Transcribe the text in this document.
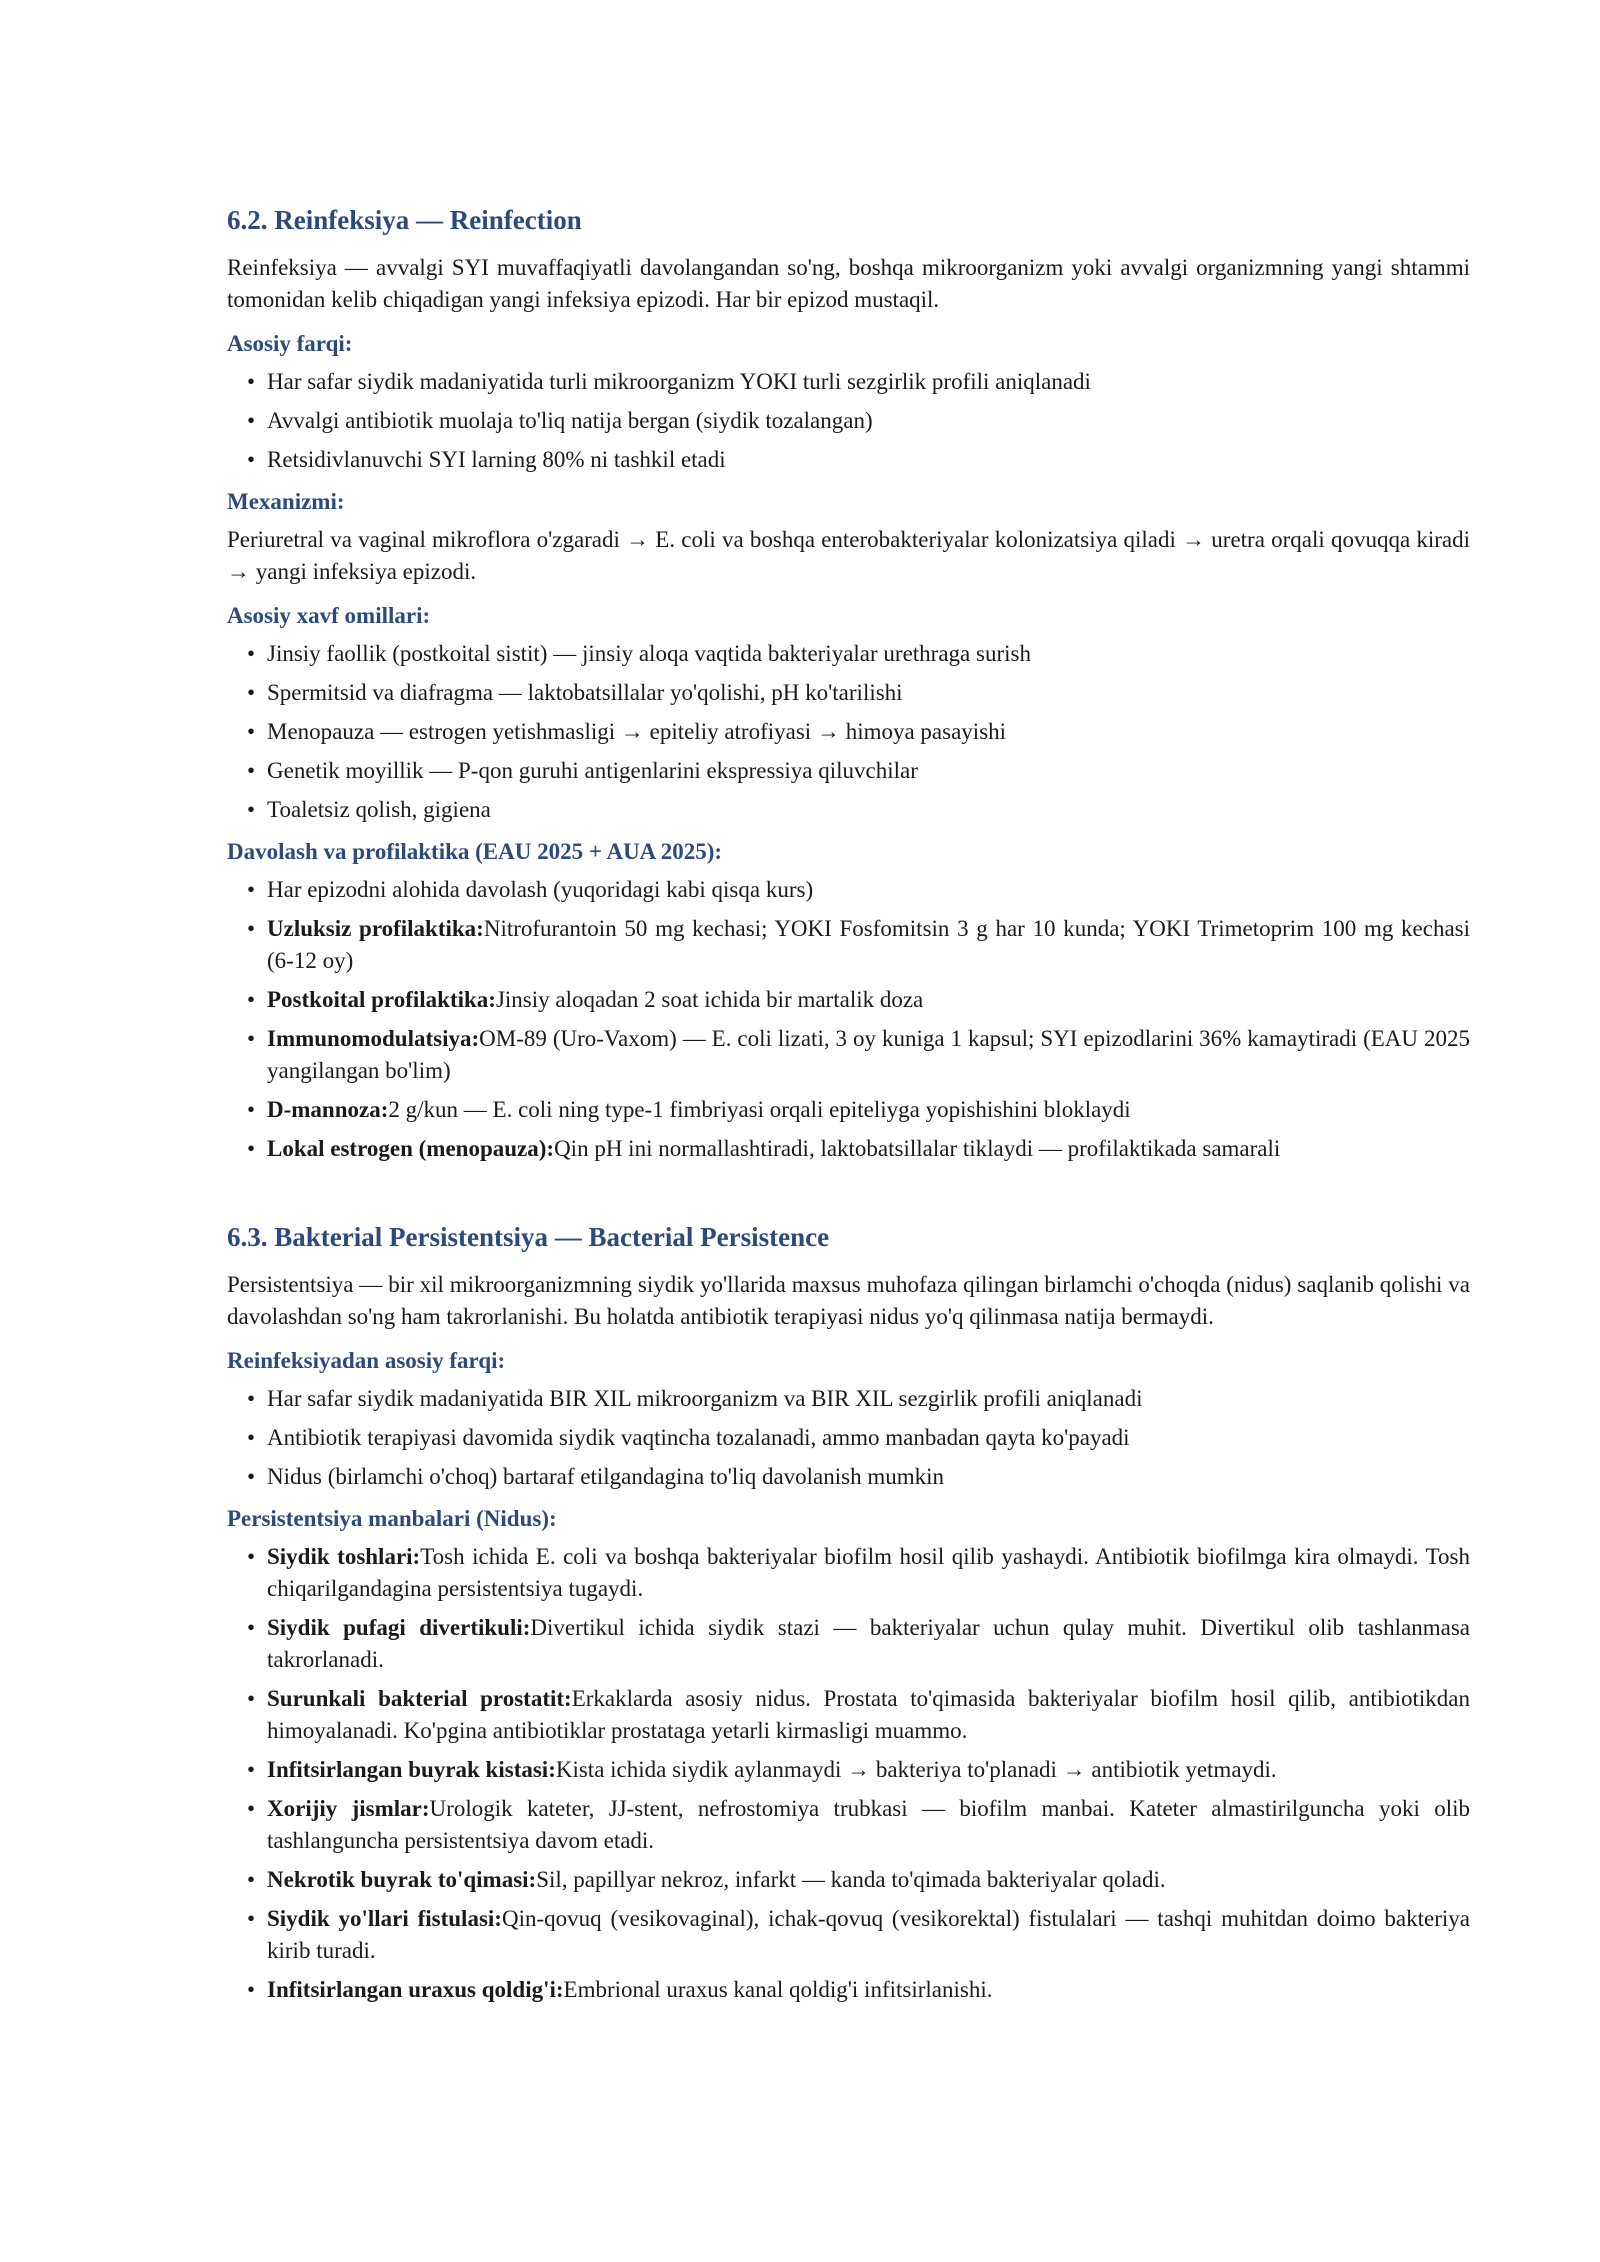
6.2. Reinfeksiya — Reinfection

Reinfeksiya — avvalgi SYI muvaffaqiyatli davolangandan so'ng, boshqa mikroorganizm yoki avvalgi organizmning yangi shtammi tomonidan kelib chiqadigan yangi infeksiya epizodi. Har bir epizod mustaqil.

Asosiy farqi:
• Har safar siydik madaniyatida turli mikroorganizm YOKI turli sezgirlik profili aniqlanadi
• Avvalgi antibiotik muolaja to'liq natija bergan (siydik tozalangan)
• Retsidivlanuvchi SYI larning 80% ni tashkil etadi
Mexanizmi:

Periuretral va vaginal mikroflora o'zgaradi → E. coli va boshqa enterobakteriyalar kolonizatsiya qiladi → uretra orqali qovuqqa kiradi → yangi infeksiya epizodi.

Asosiy xavf omillari:
• Jinsiy faollik (postkoital sistit) — jinsiy aloqa vaqtida bakteriyalar urethraga surish
• Spermitsid va diafragma — laktobatsillalar yo'qolishi, pH ko'tarilishi
• Menopauza — estrogen yetishmasligi → epiteliy atrofiyasi → himoya pasayishi
• Genetik moyillik — P-qon guruhi antigenlarini ekspressiya qiluvchilar
• Toaletsiz qolish, gigiena
Davolash va profilaktika (EAU 2025 + AUA 2025):
• Har epizodni alohida davolash (yuqoridagi kabi qisqa kurs)
• Uzluksiz profilaktika:Nitrofurantoin 50 mg kechasi; YOKI Fosfomitsin 3 g har 10 kunda; YOKI Trimetoprim 100 mg kechasi (6-12 oy)
• Postkoital profilaktika:Jinsiy aloqadan 2 soat ichida bir martalik doza
• Immunomodulatsiya:OM-89 (Uro-Vaxom) — E. coli lizati, 3 oy kuniga 1 kapsul; SYI epizodlarini 36% kamaytiradi (EAU 2025 yangilangan bo'lim)
• D-mannoza:2 g/kun — E. coli ning type-1 fimbriyasi orqali epiteliyga yopishishini bloklaydi
• Lokal estrogen (menopauza):Qin pH ini normallashtiradi, laktobatsillalar tiklaydi — profilaktikada samarali
6.3. Bakterial Persistentsiya — Bacterial Persistence

Persistentsiya — bir xil mikroorganizmning siydik yo'llarida maxsus muhofaza qilingan birlamchi o'choqda (nidus) saqlanib qolishi va davolashdan so'ng ham takrorlanishi. Bu holatda antibiotik terapiyasi nidus yo'q qilinmasa natija bermaydi.

Reinfeksiyadan asosiy farqi:
• Har safar siydik madaniyatida BIR XIL mikroorganizm va BIR XIL sezgirlik profili aniqlanadi
• Antibiotik terapiyasi davomida siydik vaqtincha tozalanadi, ammo manbadan qayta ko'payadi
• Nidus (birlamchi o'choq) bartaraf etilgandagina to'liq davolanish mumkin
Persistentsiya manbalari (Nidus):
• Siydik toshlari:Tosh ichida E. coli va boshqa bakteriyalar biofilm hosil qilib yashaydi. Antibiotik biofilmga kira olmaydi. Tosh chiqarilgandagina persistentsiya tugaydi.
• Siydik pufagi divertikuli:Divertikul ichida siydik stazi — bakteriyalar uchun qulay muhit. Divertikul olib tashlanmasa takrorlanadi.
• Surunkali bakterial prostatit:Erkaklarda asosiy nidus. Prostata to'qimasida bakteriyalar biofilm hosil qilib, antibiotikdan himoyalanadi. Ko'pgina antibiotiklar prostataga yetarli kirmasligi muammo.
• Infitsirlangan buyrak kistasi:Kista ichida siydik aylanmaydi → bakteriya to'planadi → antibiotik yetmaydi.
• Xorijiy jismlar:Urologik kateter, JJ-stent, nefrostomiya trubkasi — biofilm manbai. Kateter almastirilguncha yoki olib tashlanguncha persistentsiya davom etadi.
• Nekrotik buyrak to'qimasi:Sil, papillyar nekroz, infarkt — kanda to'qimada bakteriyalar qoladi.
• Siydik yo'llari fistulasi:Qin-qovuq (vesikovaginal), ichak-qovuq (vesikorektal) fistulalari — tashqi muhitdan doimo bakteriya kirib turadi.
• Infitsirlangan uraxus qoldig'i:Embrional uraxus kanal qoldig'i infitsirlanishi.
